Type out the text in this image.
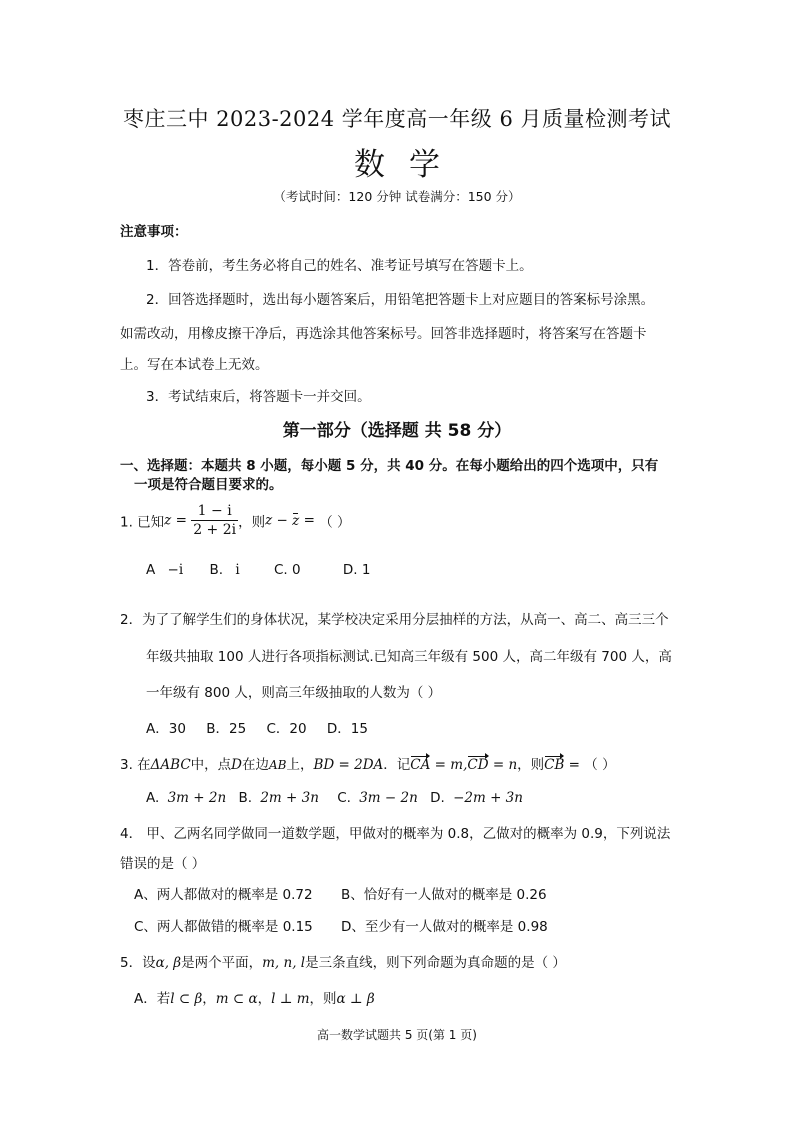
枣庄三中 2023-2024 学年度高一年级 6 月质量检测考试
数学
（考试时间：120 分钟 试卷满分：150 分）
注意事项：
1．答卷前，考生务必将自己的姓名、准考证号填写在答题卡上。
2．回答选择题时，选出每小题答案后，用铅笔把答题卡上对应题目的答案标号涂黑。
如需改动，用橡皮擦干净后，再选涂其他答案标号。回答非选择题时，将答案写在答题卡
上。写在本试卷上无效。
3．考试结束后，将答题卡一并交回。
第一部分（选择题 共 58 分）
一、选择题：本题共 8 小题，每小题 5 分，共 40 分。在每小题给出的四个选项中，只有
一项是符合题目要求的。
1. 已知$z = \frac{1 - i}{2 + 2i}$ ，则z − z = （ ）
A −i B. i	C. 0	D. 1
2．为了了解学生们的身体状况，某学校决定采用分层抽样的方法，从高一、高二、高三三个
年级共抽取 100 人进行各项指标测试.已知高三年级有 500 人，高二年级有 700 人，高
一年级有 800 人，则高三年级抽取的人数为（ ）
A．30 B．25 C．20 D．15
3. 在ΔABC中，点D在边AB上，BD = 2DA．记CA = m,CD = n，则CB = （ ）
A. 3m + 2n B. 2m + 3n C. 3m − 2n D. −2m + 3n
4． 甲、乙两名同学做同一道数学题，甲做对的概率为 0.8，乙做对的概率为 0.9，下列说法
错误的是（ ）
A、两人都做对的概率是 0.72 B、恰好有一人做对的概率是 0.26
C、两人都做错的概率是 0.15 D、至少有一人做对的概率是 0.98
5．设α, β是两个平面，m, n, l是三条直线，则下列命题为真命题的是（ ）
A．若l ⊂ β，m ⊂ α，l ⊥ m，则α ⊥ β
高一数学试题共 5 页(第 1 页)
